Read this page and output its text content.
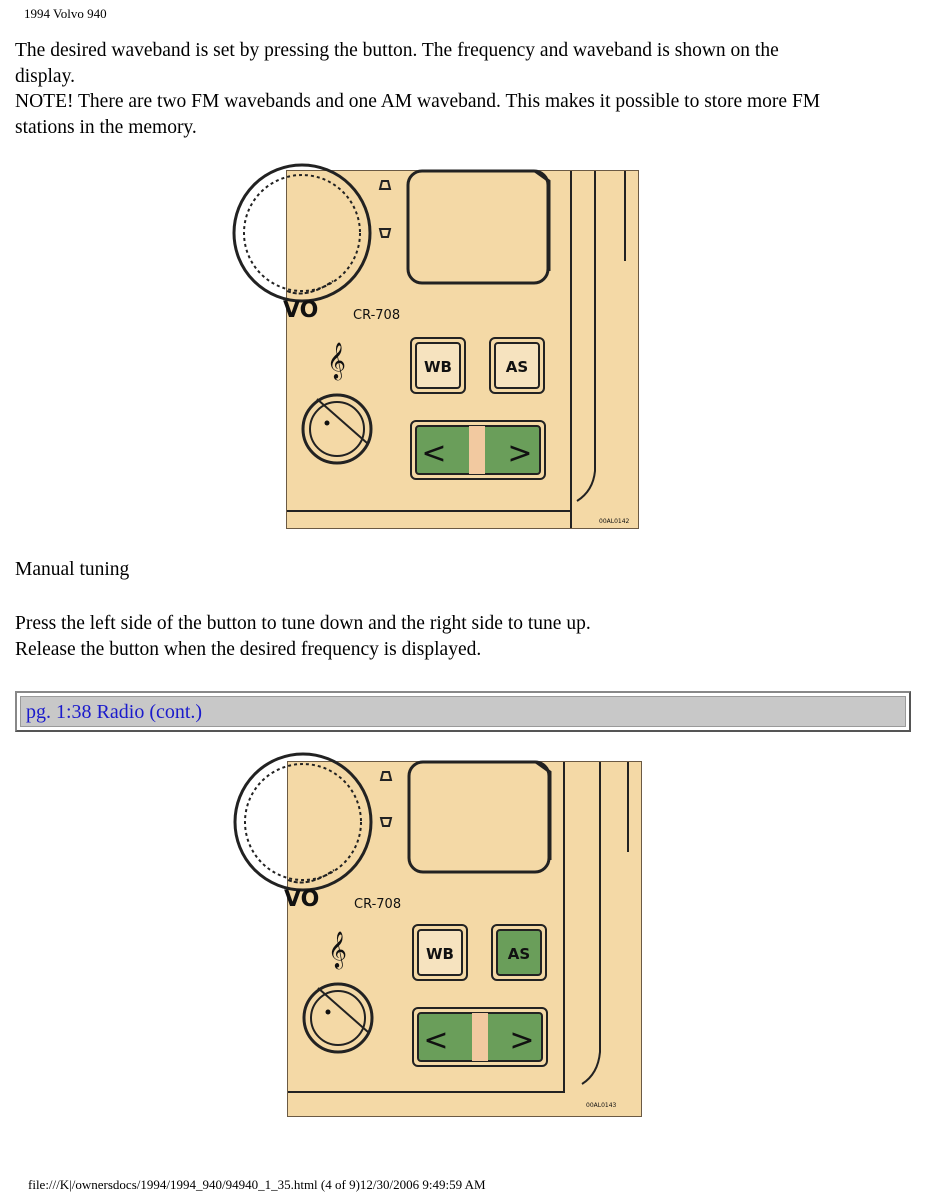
1994 Volvo 940

The desired waveband is set by pressing the button. The frequency and waveband is shown on the

display.

NOTE! There are two FM wavebands and one AM waveband. This makes it possible to store more FM

stations in the memory.

VO	CR-708
𝄞	WB	AS
< >
00AL0142

Manual tuning

Press the left side of the button to tune down and the right side to tune up.

Release the button when the desired frequency is displayed.

pg. 1:38 Radio (cont.)
VO	CR-708
𝄞	WB	AS
< >
00AL0143
file:///K|/ownersdocs/1994/1994_940/94940_1_35.html (4 of 9)12/30/2006 9:49:59 AM
